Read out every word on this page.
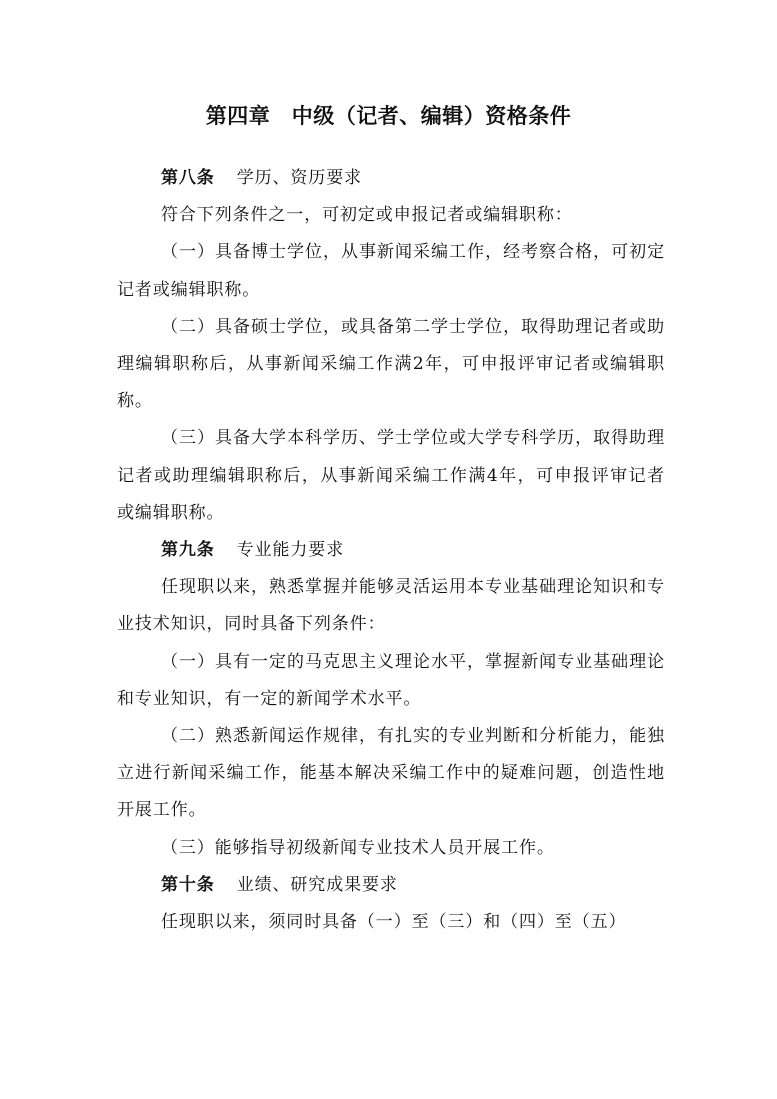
第四章　中级（记者、编辑）资格条件

第八条 学历、资历要求

符合下列条件之一，可初定或申报记者或编辑职称：

（一）具备博士学位，从事新闻采编工作，经考察合格，可初定记者或编辑职称。

（二）具备硕士学位，或具备第二学士学位，取得助理记者或助理编辑职称后，从事新闻采编工作满2年，可申报评审记者或编辑职称。

（三）具备大学本科学历、学士学位或大学专科学历，取得助理记者或助理编辑职称后，从事新闻采编工作满4年，可申报评审记者或编辑职称。

第九条 专业能力要求

任现职以来，熟悉掌握并能够灵活运用本专业基础理论知识和专业技术知识，同时具备下列条件：

（一）具有一定的马克思主义理论水平，掌握新闻专业基础理论和专业知识，有一定的新闻学术水平。

（二）熟悉新闻运作规律，有扎实的专业判断和分析能力，能独立进行新闻采编工作，能基本解决采编工作中的疑难问题，创造性地开展工作。

（三）能够指导初级新闻专业技术人员开展工作。

第十条 业绩、研究成果要求

任现职以来，须同时具备（一）至（三）和（四）至（五）
